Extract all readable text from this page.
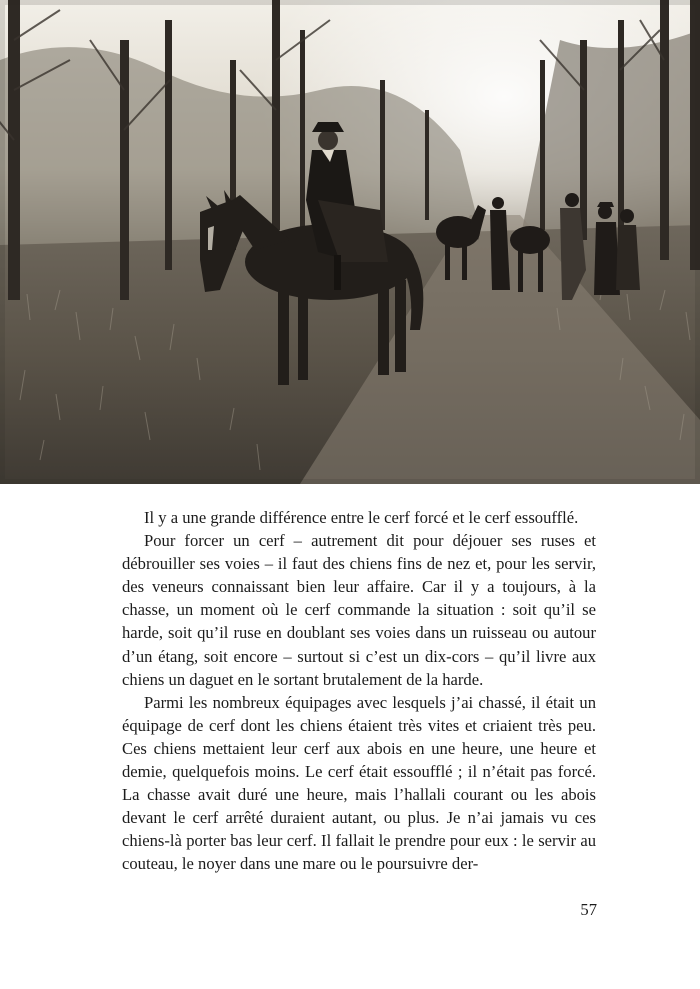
Il y a une grande différence entre le cerf forcé et le cerf essoufflé.

Pour forcer un cerf – autrement dit pour déjouer ses ruses et débrouiller ses voies – il faut des chiens fins de nez et, pour les servir, des veneurs connaissant bien leur affaire. Car il y a toujours, à la chasse, un moment où le cerf commande la situation : soit qu’il se harde, soit qu’il ruse en doublant ses voies dans un ruisseau ou autour d’un étang, soit encore – surtout si c’est un dix-cors – qu’il livre aux chiens un daguet en le sortant brutalement de la harde.

Parmi les nombreux équipages avec lesquels j’ai chassé, il était un équipage de cerf dont les chiens étaient très vites et criaient très peu. Ces chiens mettaient leur cerf aux abois en une heure, une heure et demie, quelquefois moins. Le cerf était essoufflé ; il n’était pas forcé. La chasse avait duré une heure, mais l’hallali courant ou les abois devant le cerf arrêté duraient autant, ou plus. Je n’ai jamais vu ces chiens-là porter bas leur cerf. Il fallait le prendre pour eux : le servir au couteau, le noyer dans une mare ou le poursuivre der-

57
